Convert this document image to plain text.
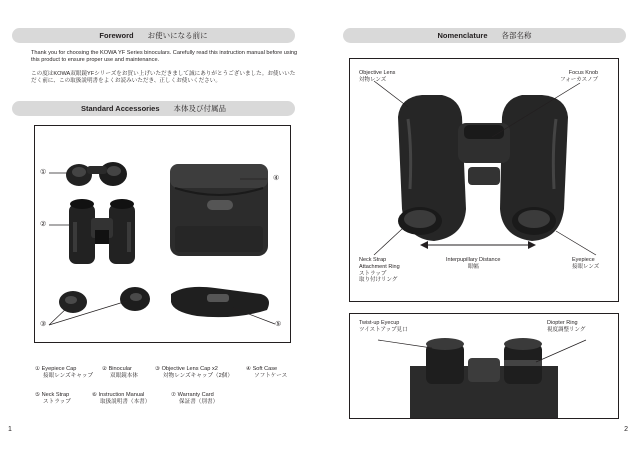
Foreword お使いになる前に
Thank you for choosing the KOWA YF Series binoculars. Carefully read this instruction manual before using this product to ensure proper use and maintenance.
この度はKOWA双眼鏡YFシリーズをお買い上げいただきまして誠にありがとうございました。お使いいただく前に、この取扱説明書をよくお読みいただき、正しくお使いください。
Standard Accessories 本体及び付属品
①
②
③
④
⑤
① Eyepiece Cap
接眼レンズキャップ
② Binocular
双眼鏡本体
③ Objective Lens Cap x2
対物レンズキャップ（2個）
④ Soft Case
ソフトケース
⑤ Neck Strap
ストラップ
⑥ Instruction Manual
取扱説明書（本書）
⑦ Warranty Card
保証書（別書）
1
Nomenclature 各部名称
Objective Lens
対物レンズ
Focus Knob
フォーカスノブ
Neck Strap
Attachment Ring
ストラップ
取り付けリング
Interpupillary Distance
眼幅
Eyepiece
接眼レンズ
Twist-up Eyecup
ツイストアップ見口
Diopter Ring
視度調整リング
2
